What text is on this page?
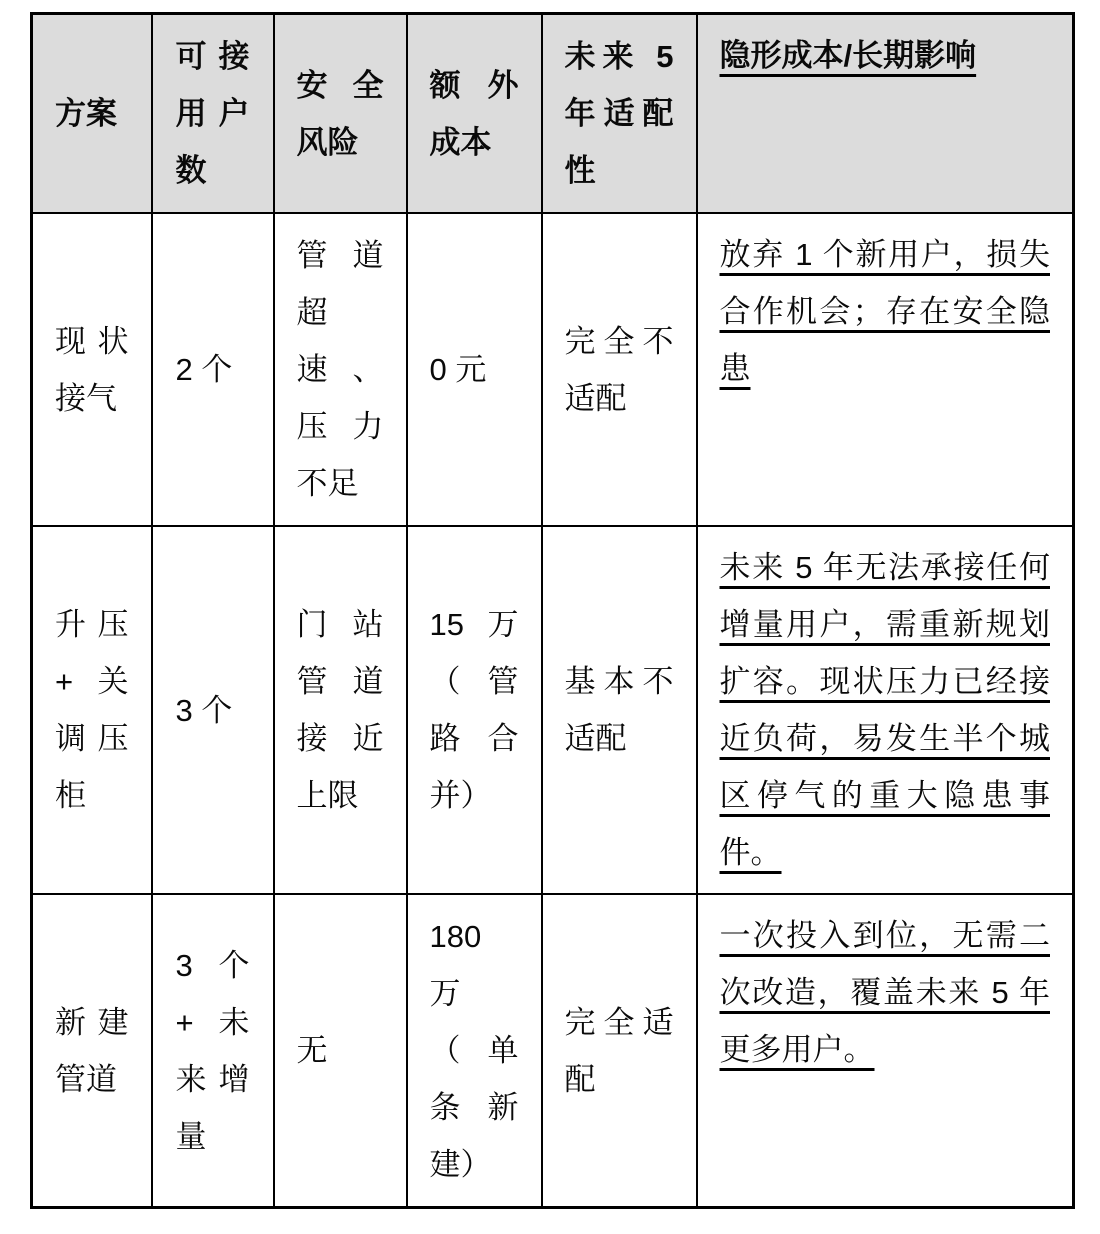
方案	可接用户数	安全风险	额外成本	未来 5 年适配性	隐形成本/长期影响
现状接气	2 个	管道超速、压力不足	0 元	完全不适配	放弃 1 个新用户，损失合作机会；存在安全隐患
升压+关调压柜	3 个	门站管道接近上限	15 万（管路合并）	基本不适配	未来 5 年无法承接任何增量用户，需重新规划扩容。现状压力已经接近负荷，易发生半个城区停气的重大隐患事件。
新建管道	3 个+未来增量	无	180 万（单条新建）	完全适配	一次投入到位，无需二次改造，覆盖未来 5 年更多用户。
